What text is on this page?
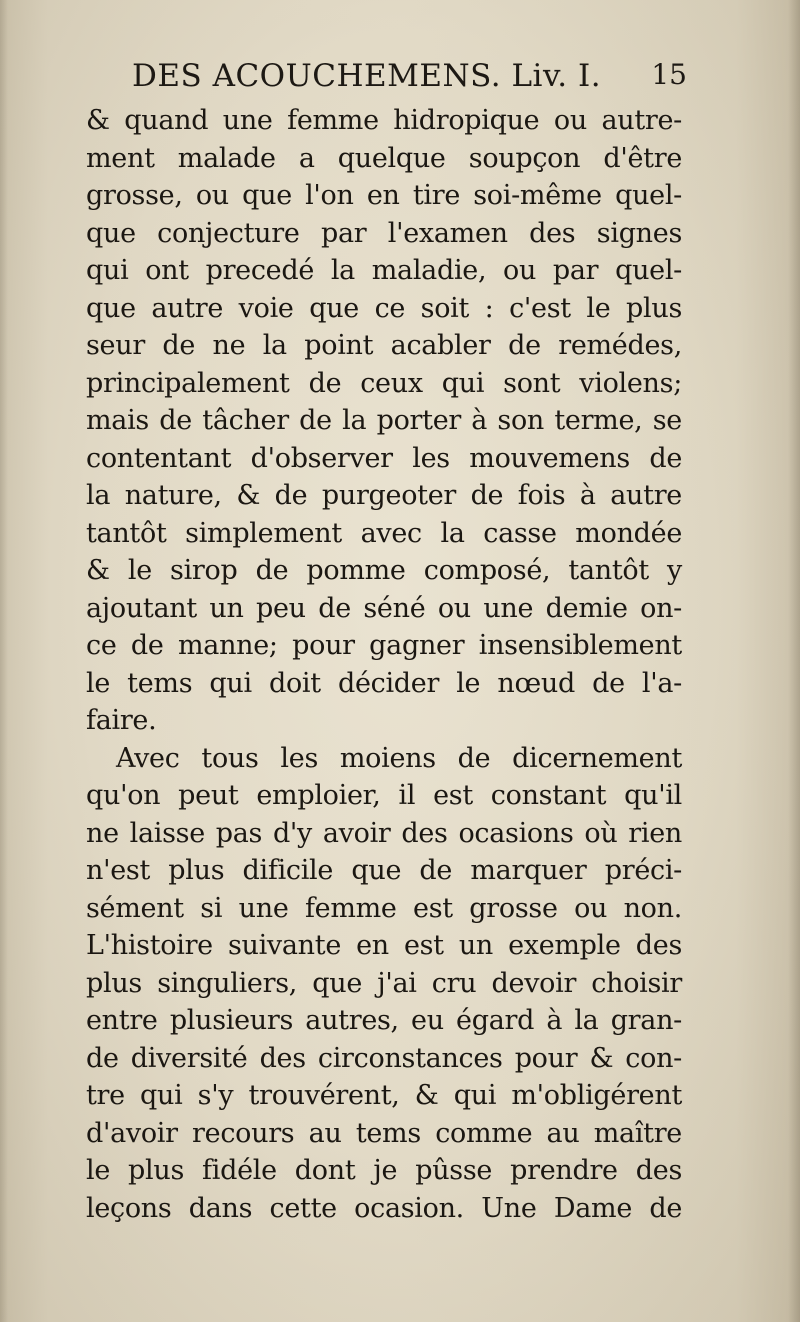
DES ACOUCHEMENS. Liv. I. 15
& quand une femme hidropique ou autre-
ment malade a quelque soupçon d'être
grosse, ou que l'on en tire soi-même quel-
que conjecture par l'examen des signes
qui ont precedé la maladie, ou par quel-
que autre voie que ce soit : c'est le plus
seur de ne la point acabler de remédes,
principalement de ceux qui sont violens;
mais de tâcher de la porter à son terme, se
contentant d'observer les mouvemens de
la nature, & de purgeoter de fois à autre
tantôt simplement avec la casse mondée
& le sirop de pomme composé, tantôt y
ajoutant un peu de séné ou une demie on-
ce de manne; pour gagner insensiblement
le tems qui doit décider le nœud de l'a-
faire.
Avec tous les moiens de dicernement
qu'on peut emploier, il est constant qu'il
ne laisse pas d'y avoir des ocasions où rien
n'est plus dificile que de marquer préci-
sément si une femme est grosse ou non.
L'histoire suivante en est un exemple des
plus singuliers, que j'ai cru devoir choisir
entre plusieurs autres, eu égard à la gran-
de diversité des circonstances pour & con-
tre qui s'y trouvérent, & qui m'obligérent
d'avoir recours au tems comme au maître
le plus fidéle dont je pûsse prendre des
leçons dans cette ocasion. Une Dame de
